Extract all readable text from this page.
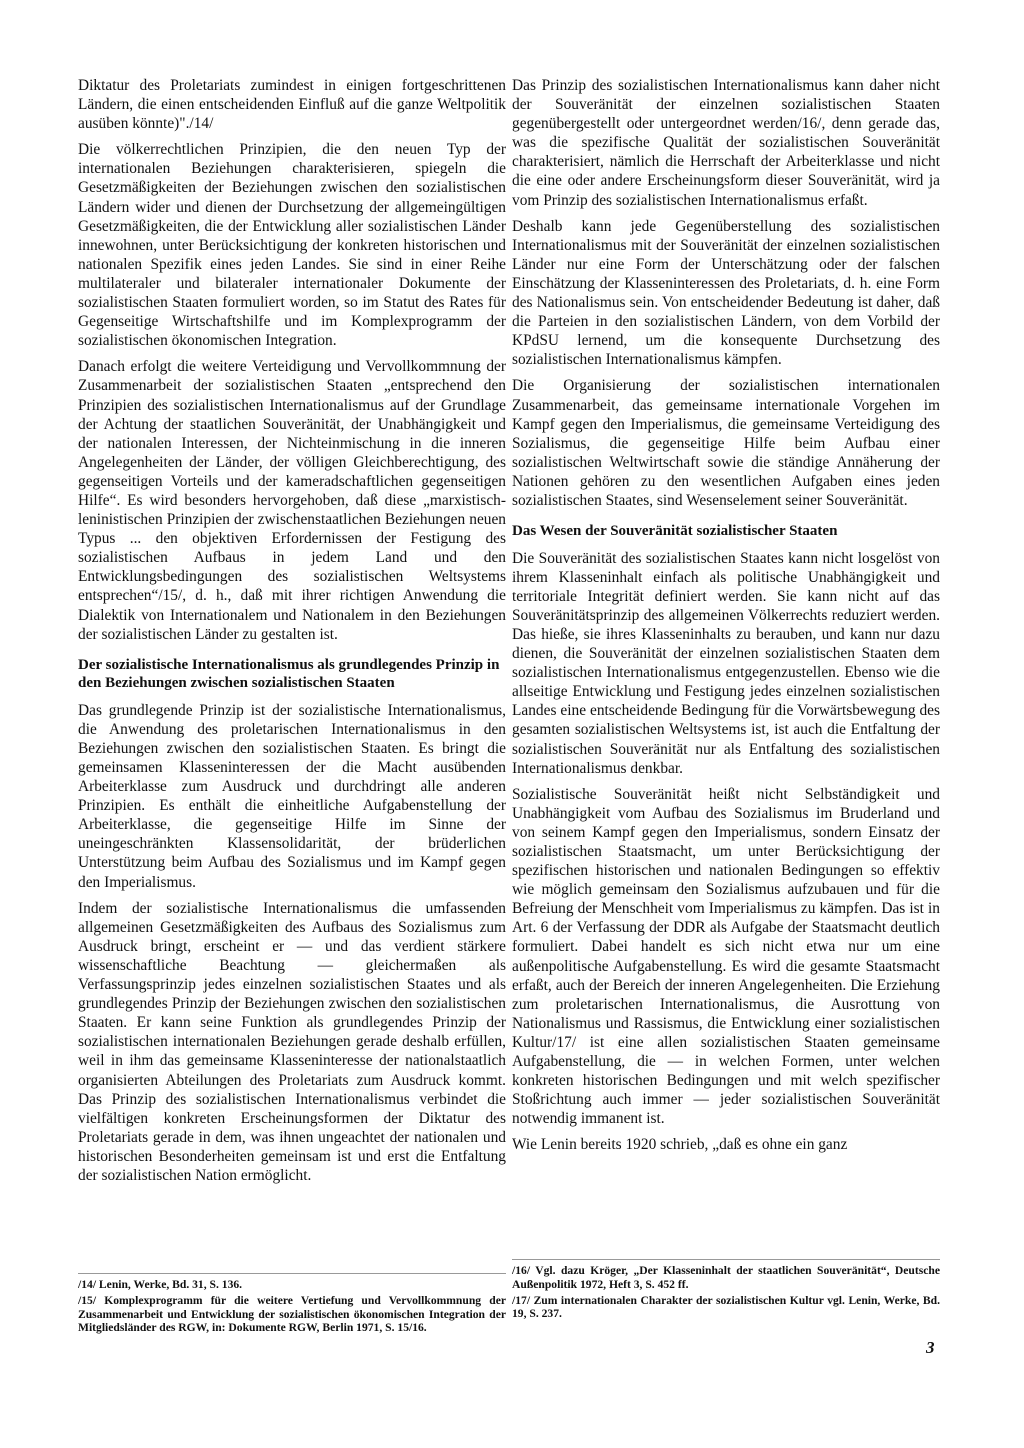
Diktatur des Proletariats zumindest in einigen fortgeschrittenen Ländern, die einen entscheidenden Einfluß auf die ganze Weltpolitik ausüben könnte)"./14/

Die völkerrechtlichen Prinzipien, die den neuen Typ der internationalen Beziehungen charakterisieren, spiegeln die Gesetzmäßigkeiten der Beziehungen zwischen den sozialistischen Ländern wider und dienen der Durchsetzung der allgemeingültigen Gesetzmäßigkeiten, die der Entwicklung aller sozialistischen Länder innewohnen, unter Berücksichtigung der konkreten historischen und nationalen Spezifik eines jeden Landes. Sie sind in einer Reihe multilateraler und bilateraler internationaler Dokumente der sozialistischen Staaten formuliert worden, so im Statut des Rates für Gegenseitige Wirtschaftshilfe und im Komplexprogramm der sozialistischen ökonomischen Integration.

Danach erfolgt die weitere Verteidigung und Vervollkommnung der Zusammenarbeit der sozialistischen Staaten „entsprechend den Prinzipien des sozialistischen Internationalismus auf der Grundlage der Achtung der staatlichen Souveränität, der Unabhängigkeit und der nationalen Interessen, der Nichteinmischung in die inneren Angelegenheiten der Länder, der völligen Gleichberechtigung, des gegenseitigen Vorteils und der kameradschaftlichen gegenseitigen Hilfe“. Es wird besonders hervorgehoben, daß diese „marxistisch-leninistischen Prinzipien der zwischenstaatlichen Beziehungen neuen Typus ... den objektiven Erfordernissen der Festigung des sozialistischen Aufbaus in jedem Land und den Entwicklungsbedingungen des sozialistischen Weltsystems entsprechen“/15/, d. h., daß mit ihrer richtigen Anwendung die Dialektik von Internationalem und Nationalem in den Beziehungen der sozialistischen Länder zu gestalten ist.

Der sozialistische Internationalismus als grundlegendes Prinzip in den Beziehungen zwischen sozialistischen Staaten

Das grundlegende Prinzip ist der sozialistische Internationalismus, die Anwendung des proletarischen Internationalismus in den Beziehungen zwischen den sozialistischen Staaten. Es bringt die gemeinsamen Klasseninteressen der die Macht ausübenden Arbeiterklasse zum Ausdruck und durchdringt alle anderen Prinzipien. Es enthält die einheitliche Aufgabenstellung der Arbeiterklasse, die gegenseitige Hilfe im Sinne der uneingeschränkten Klassensolidarität, der brüderlichen Unterstützung beim Aufbau des Sozialismus und im Kampf gegen den Imperialismus.

Indem der sozialistische Internationalismus die umfassenden allgemeinen Gesetzmäßigkeiten des Aufbaus des Sozialismus zum Ausdruck bringt, erscheint er — und das verdient stärkere wissenschaftliche Beachtung — gleichermaßen als Verfassungsprinzip jedes einzelnen sozialistischen Staates und als grundlegendes Prinzip der Beziehungen zwischen den sozialistischen Staaten. Er kann seine Funktion als grundlegendes Prinzip der sozialistischen internationalen Beziehungen gerade deshalb erfüllen, weil in ihm das gemeinsame Klasseninteresse der nationalstaatlich organisierten Abteilungen des Proletariats zum Ausdruck kommt. Das Prinzip des sozialistischen Internationalismus verbindet die vielfältigen konkreten Erscheinungsformen der Diktatur des Proletariats gerade in dem, was ihnen ungeachtet der nationalen und historischen Besonderheiten gemeinsam ist und erst die Entfaltung der sozialistischen Nation ermöglicht.

/14/ Lenin, Werke, Bd. 31, S. 136.

/15/ Komplexprogramm für die weitere Vertiefung und Vervollkommnung der Zusammenarbeit und Entwicklung der sozialistischen ökonomischen Integration der Mitgliedsländer des RGW, in: Dokumente RGW, Berlin 1971, S. 15/16.

Das Prinzip des sozialistischen Internationalismus kann daher nicht der Souveränität der einzelnen sozialistischen Staaten gegenübergestellt oder untergeordnet werden/16/, denn gerade das, was die spezifische Qualität der sozialistischen Souveränität charakterisiert, nämlich die Herrschaft der Arbeiterklasse und nicht die eine oder andere Erscheinungsform dieser Souveränität, wird ja vom Prinzip des sozialistischen Internationalismus erfaßt.

Deshalb kann jede Gegenüberstellung des sozialistischen Internationalismus mit der Souveränität der einzelnen sozialistischen Länder nur eine Form der Unterschätzung oder der falschen Einschätzung der Klasseninteressen des Proletariats, d. h. eine Form des Nationalismus sein. Von entscheidender Bedeutung ist daher, daß die Parteien in den sozialistischen Ländern, von dem Vorbild der KPdSU lernend, um die konsequente Durchsetzung des sozialistischen Internationalismus kämpfen.

Die Organisierung der sozialistischen internationalen Zusammenarbeit, das gemeinsame internationale Vorgehen im Kampf gegen den Imperialismus, die gemeinsame Verteidigung des Sozialismus, die gegenseitige Hilfe beim Aufbau einer sozialistischen Weltwirtschaft sowie die ständige Annäherung der Nationen gehören zu den wesentlichen Aufgaben eines jeden sozialistischen Staates, sind Wesenselement seiner Souveränität.

Das Wesen der Souveränität sozialistischer Staaten

Die Souveränität des sozialistischen Staates kann nicht losgelöst von ihrem Klasseninhalt einfach als politische Unabhängigkeit und territoriale Integrität definiert werden. Sie kann nicht auf das Souveränitätsprinzip des allgemeinen Völkerrechts reduziert werden. Das hieße, sie ihres Klasseninhalts zu berauben, und kann nur dazu dienen, die Souveränität der einzelnen sozialistischen Staaten dem sozialistischen Internationalismus entgegenzustellen. Ebenso wie die allseitige Entwicklung und Festigung jedes einzelnen sozialistischen Landes eine entscheidende Bedingung für die Vorwärtsbewegung des gesamten sozialistischen Weltsystems ist, ist auch die Entfaltung der sozialistischen Souveränität nur als Entfaltung des sozialistischen Internationalismus denkbar.

Sozialistische Souveränität heißt nicht Selbständigkeit und Unabhängigkeit vom Aufbau des Sozialismus im Bruderland und von seinem Kampf gegen den Imperialismus, sondern Einsatz der sozialistischen Staatsmacht, um unter Berücksichtigung der spezifischen historischen und nationalen Bedingungen so effektiv wie möglich gemeinsam den Sozialismus aufzubauen und für die Befreiung der Menschheit vom Imperialismus zu kämpfen. Das ist in Art. 6 der Verfassung der DDR als Aufgabe der Staatsmacht deutlich formuliert. Dabei handelt es sich nicht etwa nur um eine außenpolitische Aufgabenstellung. Es wird die gesamte Staatsmacht erfaßt, auch der Bereich der inneren Angelegenheiten. Die Erziehung zum proletarischen Internationalismus, die Ausrottung von Nationalismus und Rassismus, die Entwicklung einer sozialistischen Kultur/17/ ist eine allen sozialistischen Staaten gemeinsame Aufgabenstellung, die — in welchen Formen, unter welchen konkreten historischen Bedingungen und mit welch spezifischer Stoßrichtung auch immer — jeder sozialistischen Souveränität notwendig immanent ist.

Wie Lenin bereits 1920 schrieb, „daß es ohne ein ganz

/16/ Vgl. dazu Kröger, „Der Klasseninhalt der staatlichen Souveränität“, Deutsche Außenpolitik 1972, Heft 3, S. 452 ff.

/17/ Zum internationalen Charakter der sozialistischen Kultur vgl. Lenin, Werke, Bd. 19, S. 237.

3
